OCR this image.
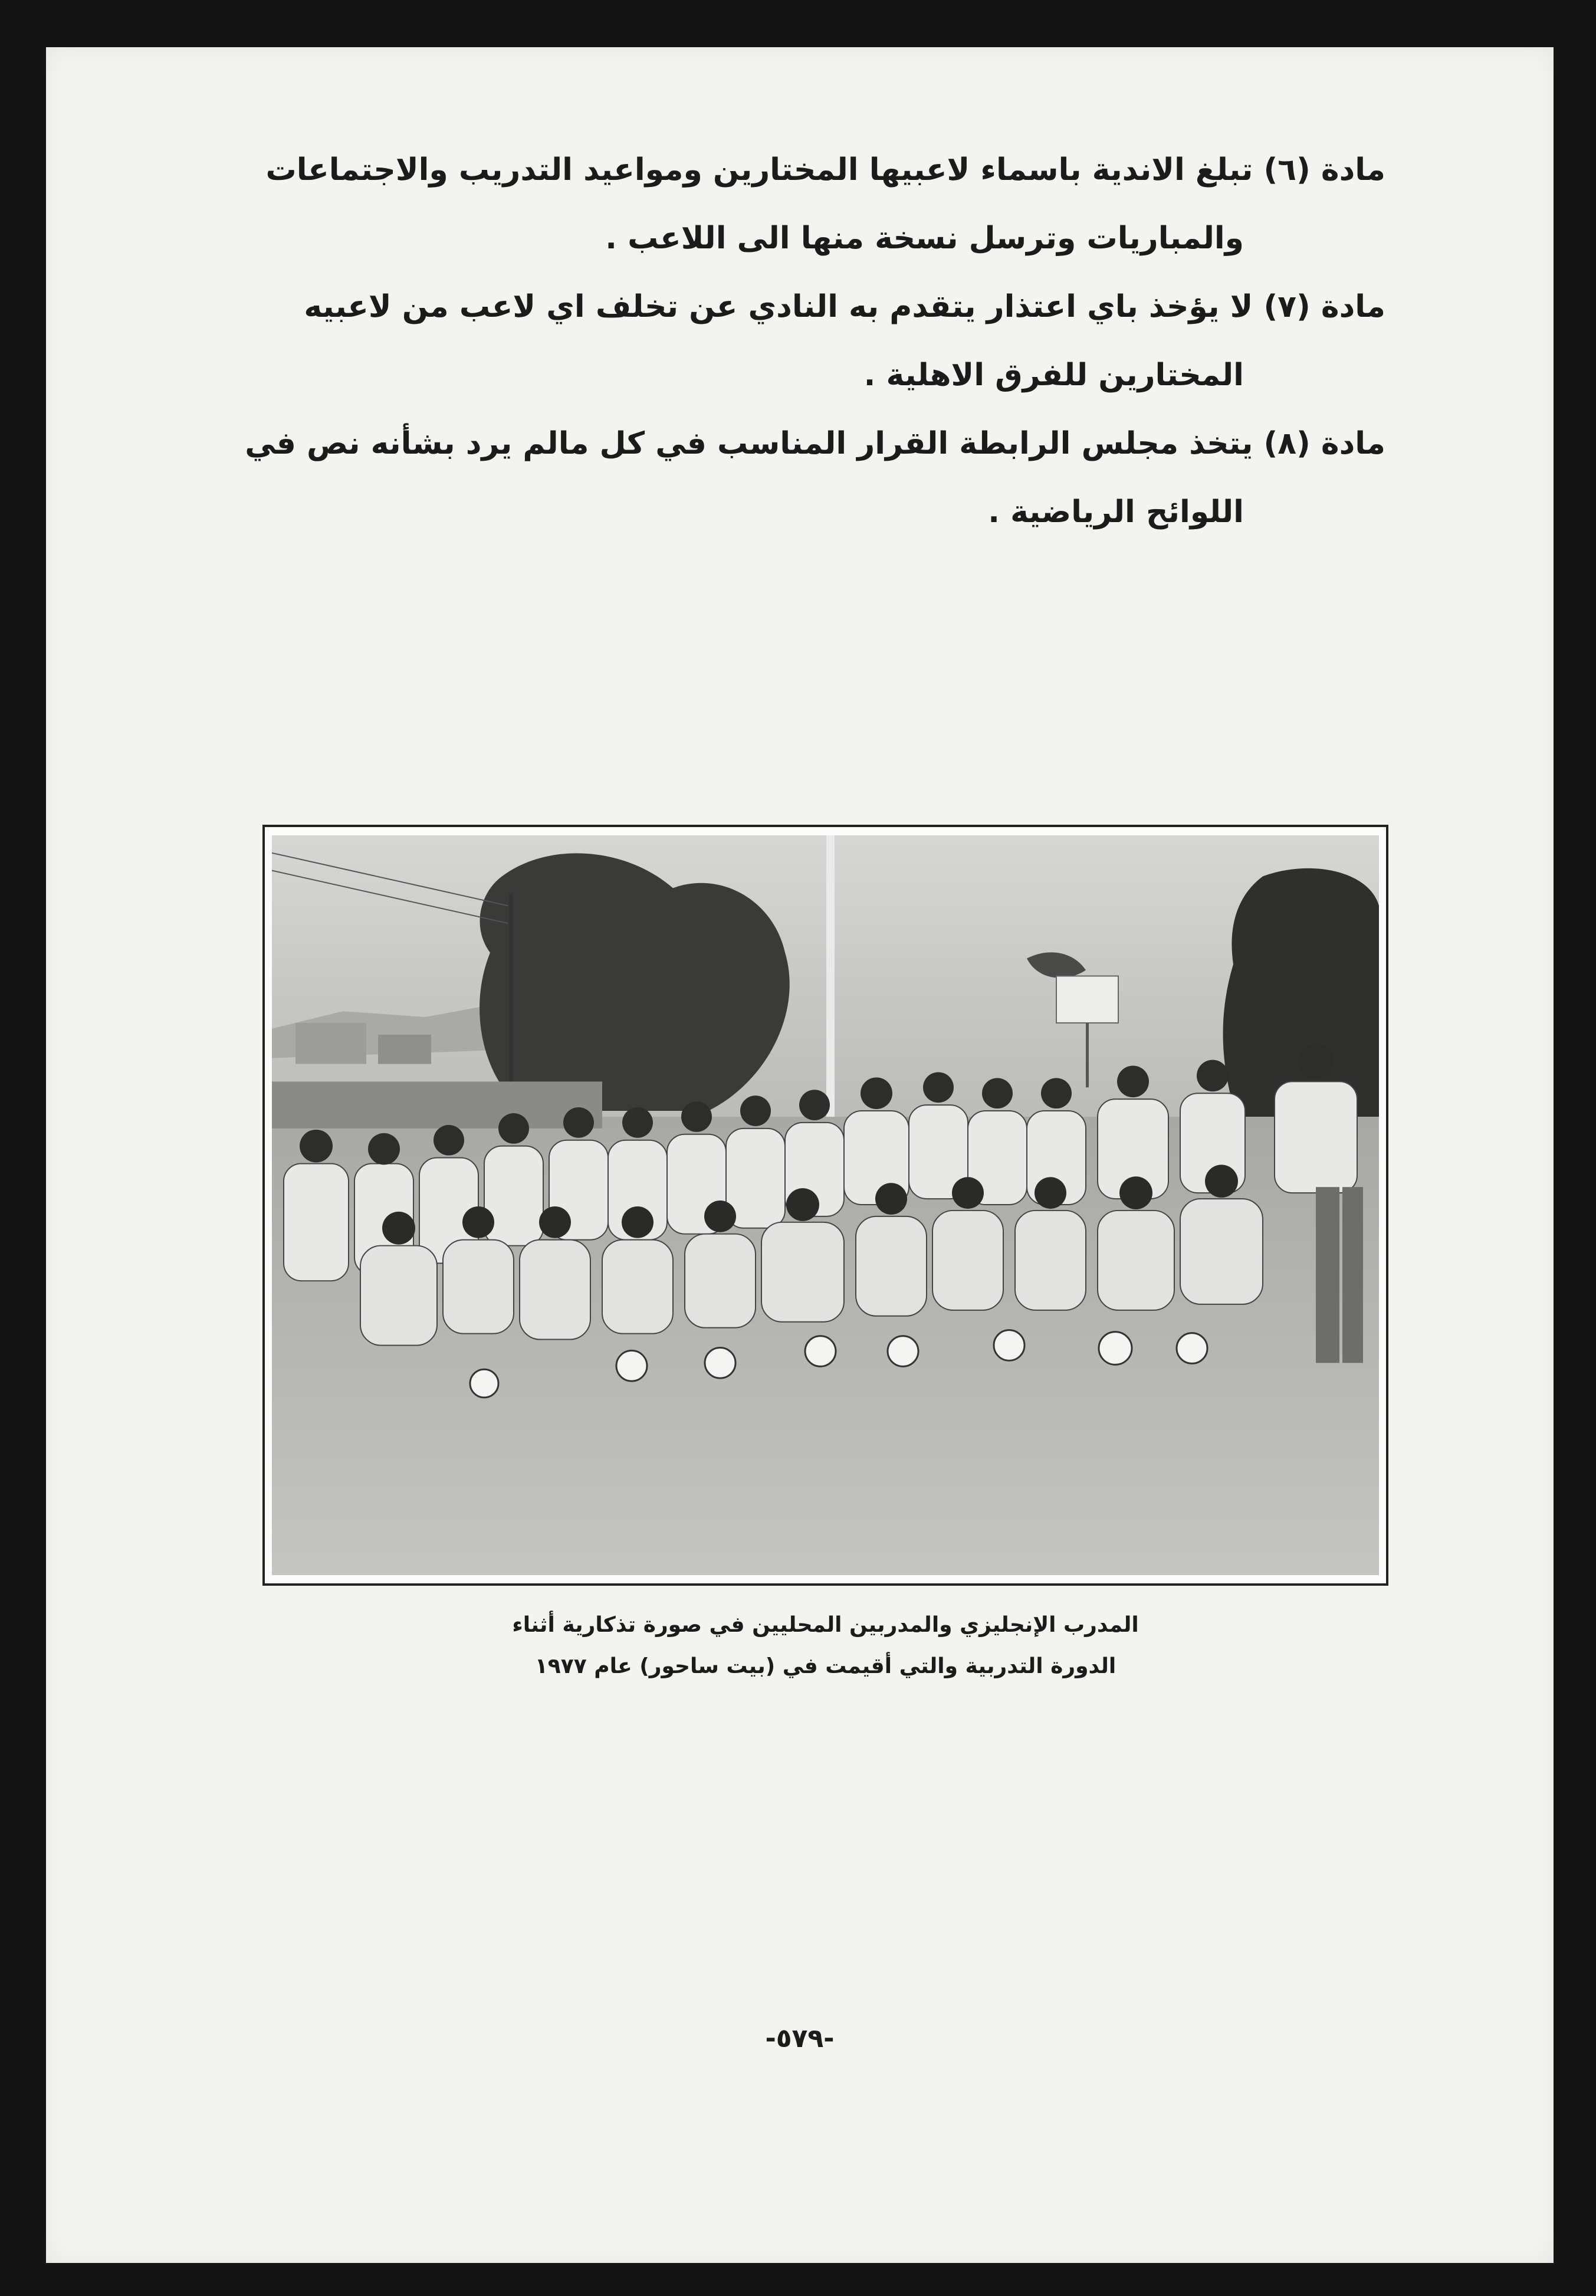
مادة (٦) تبلغ الاندية باسماء لاعبيها المختارين ومواعيد التدريب والاجتماعات
والمباريات وترسل نسخة منها الى اللاعب .
مادة (٧) لا يؤخذ باي اعتذار يتقدم به النادي عن تخلف اي لاعب من لاعبيه
المختارين للفرق الاهلية .
مادة (٨) يتخذ مجلس الرابطة القرار المناسب في كل مالم يرد بشأنه نص في
اللوائح الرياضية .
المدرب الإنجليزي والمدربين المحليين في صورة تذكارية أثناء
الدورة التدربية والتي أقيمت في (بيت ساحور) عام ١٩٧٧
-٥٧٩-
